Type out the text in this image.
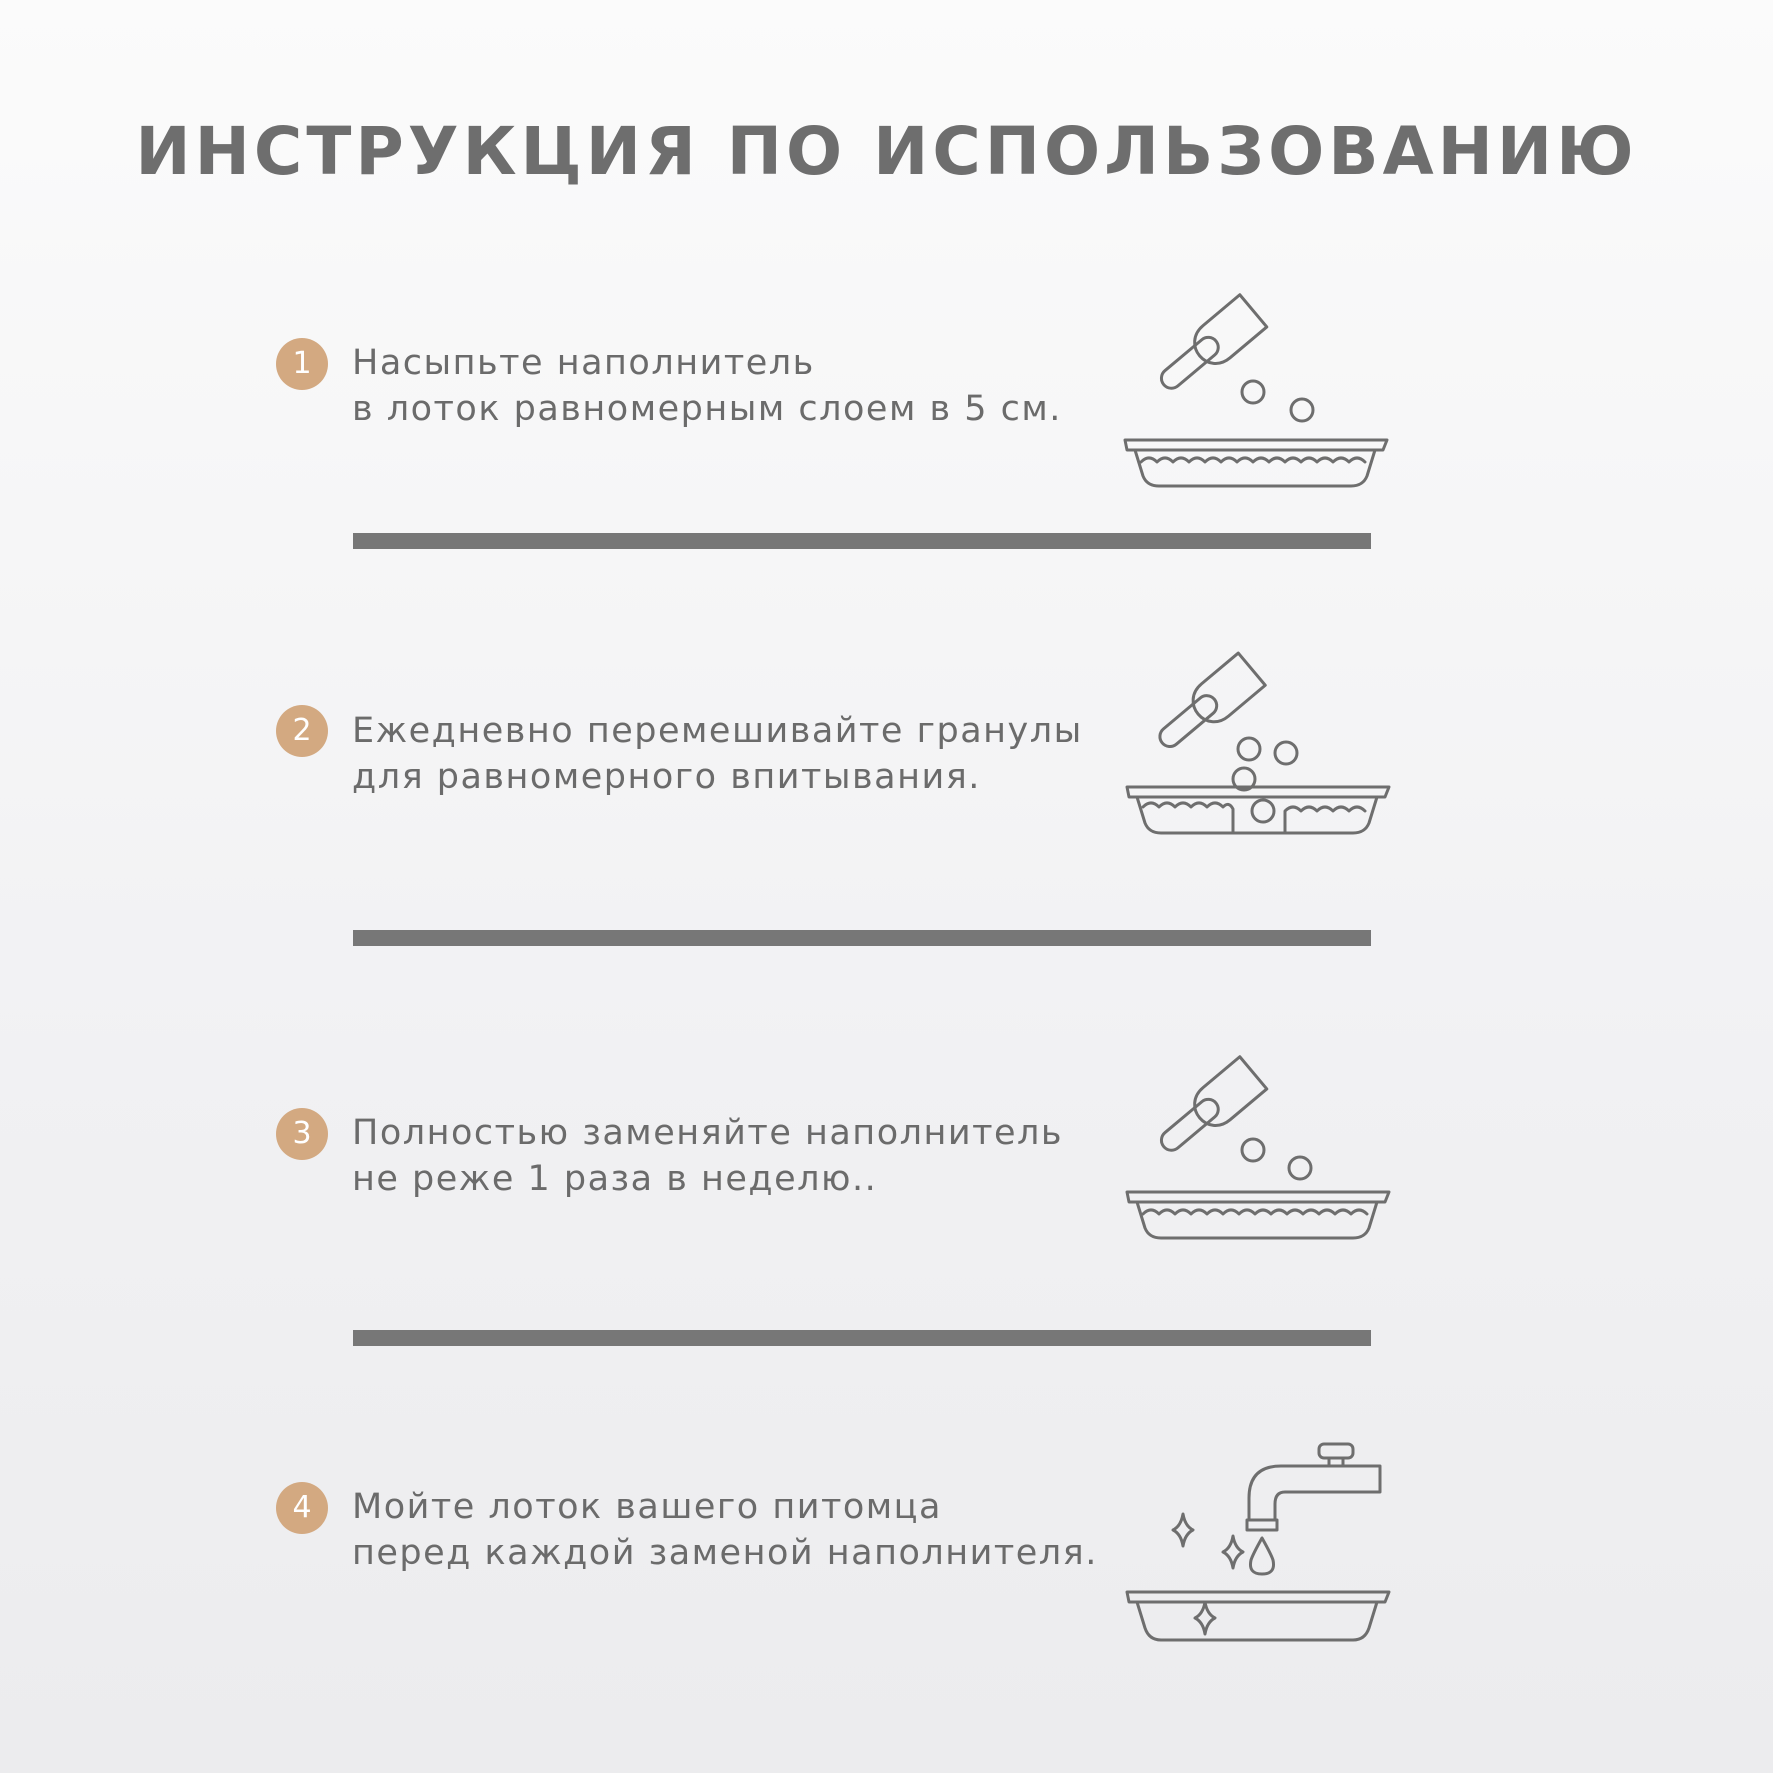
ИНСТРУКЦИЯ ПО ИСПОЛЬЗОВАНИЮ
1	Насыпьте наполнитель
в лоток равномерным слоем в 5 см.
2	Ежедневно перемешивайте гранулы
для равномерного впитывания.
3	Полностью заменяйте наполнитель
не реже 1 раза в неделю..
4	Мойте лоток вашего питомца
перед каждой заменой наполнителя.
